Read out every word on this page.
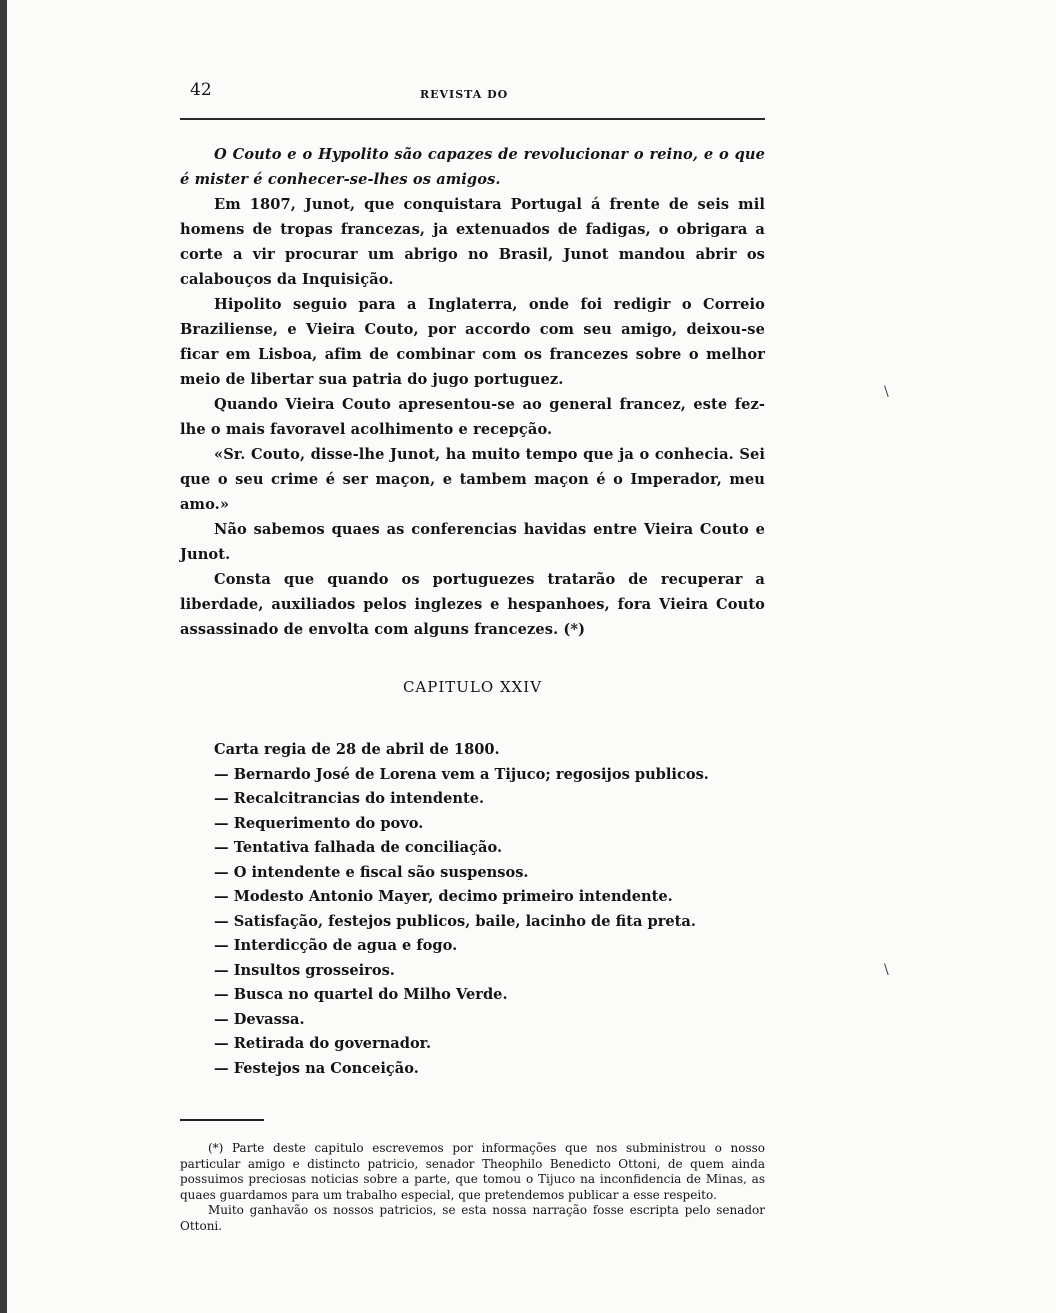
42	REVISTA DO

O Couto e o Hypolito são capazes de revolucionar o reino, e o que é mister é conhecer-se-lhes os amigos.

Em 1807, Junot, que conquistara Portugal á frente de seis mil homens de tropas francezas, ja extenuados de fadigas, o obrigara a corte a vir procurar um abrigo no Brasil, Junot mandou abrir os calabouços da Inquisição.

Hipolito seguio para a Inglaterra, onde foi redigir o Correio Braziliense, e Vieira Couto, por accordo com seu amigo, deixou-se ficar em Lisboa, afim de combinar com os francezes sobre o melhor meio de libertar sua patria do jugo portuguez.

Quando Vieira Couto apresentou-se ao general francez, este fez-lhe o mais favoravel acolhimento e recepção.

«Sr. Couto, disse-lhe Junot, ha muito tempo que ja o conhecia. Sei que o seu crime é ser maçon, e tambem maçon é o Imperador, meu amo.»

Não sabemos quaes as conferencias havidas entre Vieira Couto e Junot.

Consta que quando os portuguezes tratarão de recuperar a liberdade, auxiliados pelos inglezes e hespanhoes, fora Vieira Couto assassinado de envolta com alguns francezes. (*)

CAPITULO XXIV

Carta regia de 28 de abril de 1800.

— Bernardo José de Lorena vem a Tijuco; regosijos publicos.
— Recalcitrancias do intendente.
— Requerimento do povo.
— Tentativa falhada de conciliação.
— O intendente e fiscal são suspensos.
— Modesto Antonio Mayer, decimo primeiro intendente.
— Satisfação, festejos publicos, baile, lacinho de fita preta.
— Interdicção de agua e fogo.
— Insultos grosseiros.
— Busca no quartel do Milho Verde.
— Devassa.
— Retirada do governador.
— Festejos na Conceição.

(*) Parte deste capitulo escrevemos por informações que nos subministrou o nosso particular amigo e distincto patricio, senador Theophilo Benedicto Ottoni, de quem ainda possuimos preciosas noticias sobre a parte, que tomou o Tijuco na inconfidencia de Minas, as quaes guardamos para um trabalho especial, que pretendemos publicar a esse respeito.

Muito ganhavão os nossos patricios, se esta nossa narração fosse escripta pelo senador Ottoni.

\
\
